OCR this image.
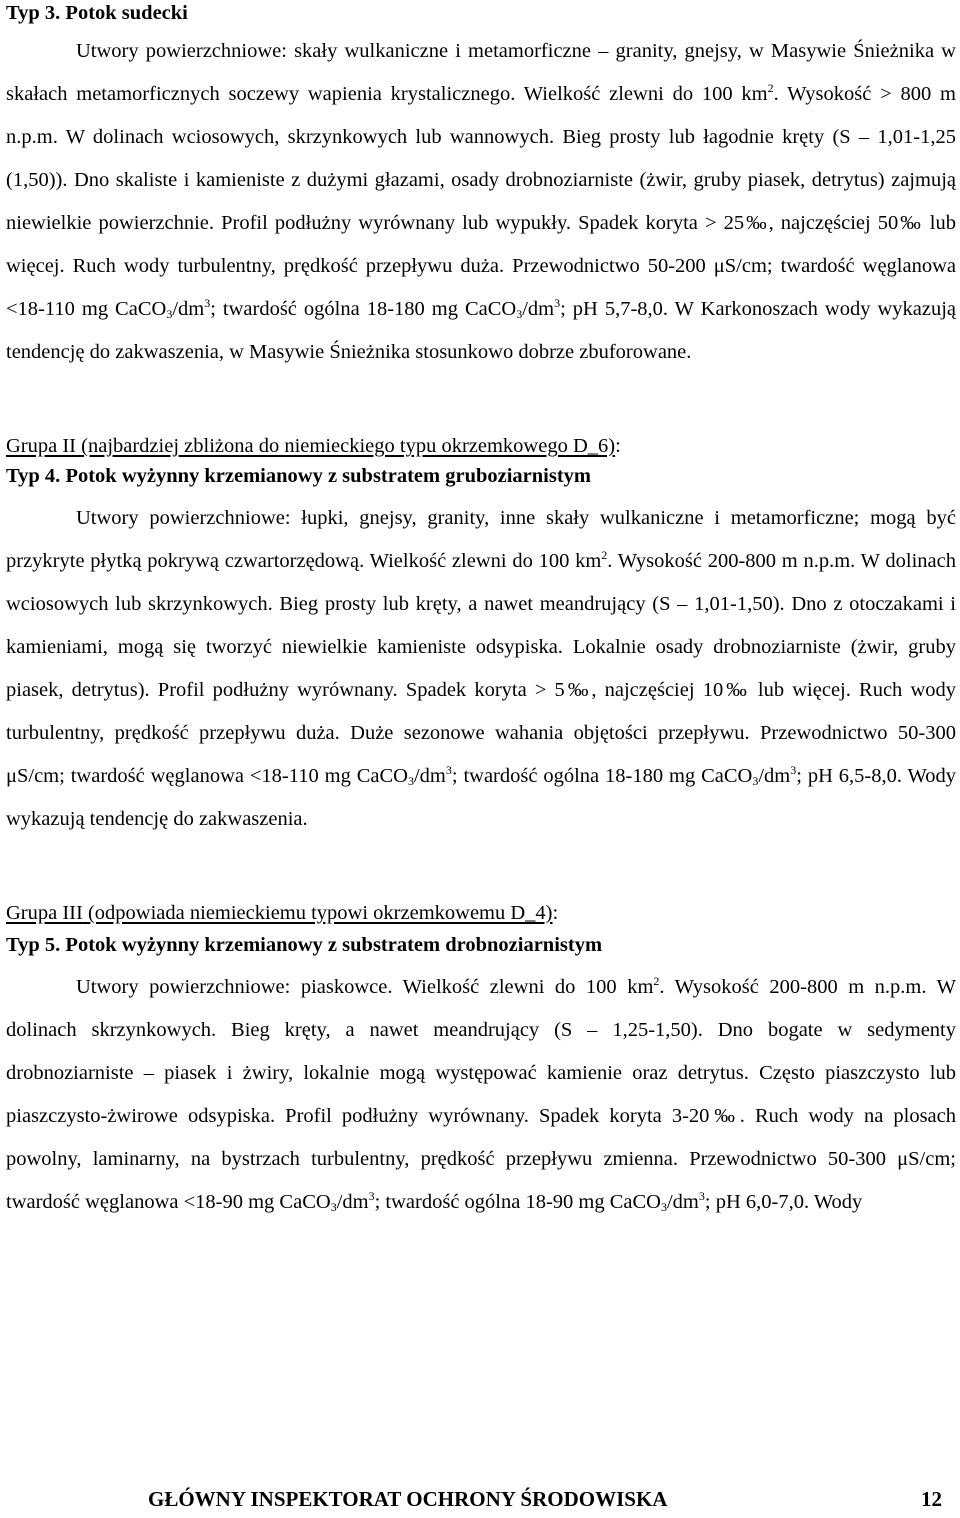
Typ 3. Potok sudecki

Utwory powierzchniowe: skały wulkaniczne i metamorficzne – granity, gnejsy, w Masywie Śnieżnika w skałach metamorficznych soczewy wapienia krystalicznego. Wielkość zlewni do 100 $km^2$. Wysokość > 800 m n.p.m. W dolinach wciosowych, skrzynkowych lub wannowych. Bieg prosty lub łagodnie kręty (S – 1,01-1,25 (1,50)). Dno skaliste i kamieniste z dużymi głazami, osady drobnoziarniste (żwir, gruby piasek, detrytus) zajmują niewielkie powierzchnie. Profil podłużny wyrównany lub wypukły. Spadek koryta > 25‰, najczęściej 50‰ lub więcej. Ruch wody turbulentny, prędkość przepływu duża. Przewodnictwo 50-200 μS/cm; twardość węglanowa <18-110 mg $CaCO_3/dm^3$; twardość ogólna 18-180 mg $CaCO_3/dm^3$; pH 5,7-8,0. W Karkonoszach wody wykazują tendencję do zakwaszenia, w Masywie Śnieżnika stosunkowo dobrze zbuforowane.

Grupa II (najbardziej zbliżona do niemieckiego typu okrzemkowego D_6):

Typ 4. Potok wyżynny krzemianowy z substratem gruboziarnistym

Utwory powierzchniowe: łupki, gnejsy, granity, inne skały wulkaniczne i metamorficzne; mogą być przykryte płytką pokrywą czwartorzędową. Wielkość zlewni do 100 $km^2$. Wysokość 200-800 m n.p.m. W dolinach wciosowych lub skrzynkowych. Bieg prosty lub kręty, a nawet meandrujący (S – 1,01-1,50). Dno z otoczakami i kamieniami, mogą się tworzyć niewielkie kamieniste odsypiska. Lokalnie osady drobnoziarniste (żwir, gruby piasek, detrytus). Profil podłużny wyrównany. Spadek koryta > 5‰, najczęściej 10‰ lub więcej. Ruch wody turbulentny, prędkość przepływu duża. Duże sezonowe wahania objętości przepływu. Przewodnictwo 50-300 μS/cm; twardość węglanowa <18-110 mg $CaCO_3/dm^3$; twardość ogólna 18-180 mg $CaCO_3/dm^3$; pH 6,5-8,0. Wody wykazują tendencję do zakwaszenia.

Grupa III (odpowiada niemieckiemu typowi okrzemkowemu D_4):

Typ 5. Potok wyżynny krzemianowy z substratem drobnoziarnistym

Utwory powierzchniowe: piaskowce. Wielkość zlewni do 100 $km^2$. Wysokość 200-800 m n.p.m. W dolinach skrzynkowych. Bieg kręty, a nawet meandrujący (S – 1,25-1,50). Dno bogate w sedymenty drobnoziarniste – piasek i żwiry, lokalnie mogą występować kamienie oraz detrytus. Często piaszczysto lub piaszczysto-żwirowe odsypiska. Profil podłużny wyrównany. Spadek koryta 3-20‰. Ruch wody na plosach powolny, laminarny, na bystrzach turbulentny, prędkość przepływu zmienna. Przewodnictwo 50-300 μS/cm; twardość węglanowa <18-90 mg $CaCO_3/dm^3$; twardość ogólna 18-90 mg $CaCO_3/dm^3$; pH 6,0-7,0. Wody

GŁÓWNY INSPEKTORAT OCHRONY ŚRODOWISKA	12
